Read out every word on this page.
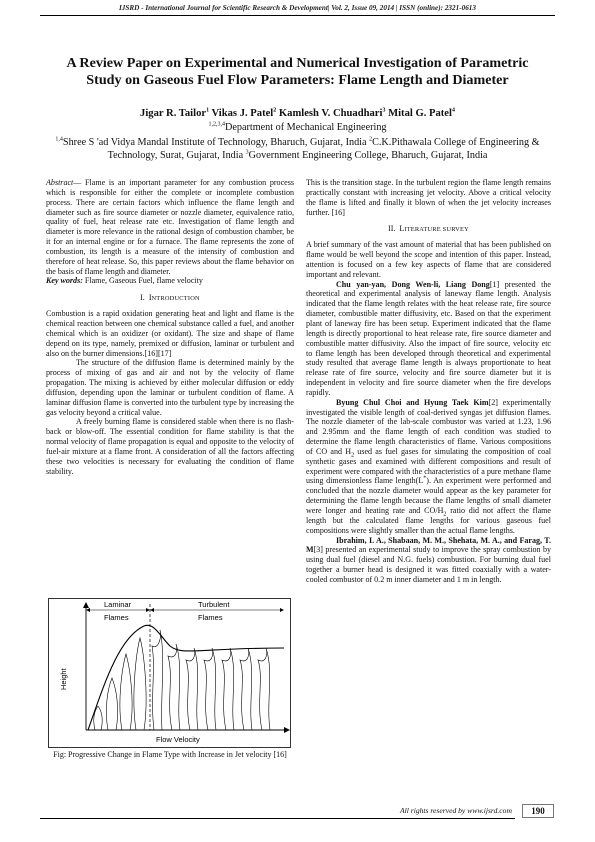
IJSRD - International Journal for Scientific Research & Development| Vol. 2, Issue 09, 2014 | ISSN (online): 2321-0613
A Review Paper on Experimental and Numerical Investigation of Parametric Study on Gaseous Fuel Flow Parameters: Flame Length and Diameter
Jigar R. Tailor$^1$ Vikas J. Patel$^2$ Kamlesh V. Chuadhari$^3$ Mital G. Patel$^4$
$^{1,2,3,4}$Department of Mechanical Engineering
$^{1,4}$Shree S 'ad Vidya Mandal Institute of Technology, Bharuch, Gujarat, India $^2$C.K.Pithawala College of Engineering & Technology, Surat, Gujarat, India $^3$Government Engineering College, Bharuch, Gujarat, India

Abstract— Flame is an important parameter for any combustion process which is responsible for either the complete or incomplete combustion process. There are certain factors which influence the flame length and diameter such as fire source diameter or nozzle diameter, equivalence ratio, quality of fuel, heat release rate etc. Investigation of flame length and diameter is more relevance in the rational design of combustion chamber, be it for an internal engine or for a furnace. The flame represents the zone of combustion, its length is a measure of the intensity of combustion and therefore of heat release. So, this paper reviews about the flame behavior on the basis of flame length and diameter.

Key words: Flame, Gaseous Fuel, flame velocity

I. INTRODUCTION

Combustion is a rapid oxidation generating heat and light and flame is the chemical reaction between one chemical substance called a fuel, and another chemical which is an oxidizer (or oxidant). The size and shape of flame depend on its type, namely, premixed or diffusion, laminar or turbulent and also on the burner dimensions.[16][17]

The structure of the diffusion flame is determined mainly by the process of mixing of gas and air and not by the velocity of flame propagation. The mixing is achieved by either molecular diffusion or eddy diffusion, depending upon the laminar or turbulent condition of flame. A laminar diffusion flame is converted into the turbulent type by increasing the gas velocity beyond a critical value.

A freely burning flame is considered stable when there is no flash-back or blow-off. The essential condition for flame stability is that the normal velocity of flame propagation is equal and opposite to the velocity of fuel-air mixture at a flame front. A consideration of all the factors affecting these two velocities is necessary for evaluating the condition of flame stability.

Laminar
Flames
Turbulent
Flames
Height
Flow Velocity
Fig: Progressive Change in Flame Type with Increase in Jet velocity [16]

This is the transition stage. In the turbulent region the flame length remains practically constant with increasing jet velocity. Above a critical velocity the flame is lifted and finally it blown of when the jet velocity increases further. [16]

II. LITERATURE SURVEY

A brief summary of the vast amount of material that has been published on flame would be well beyond the scope and intention of this paper. Instead, attention is focused on a few key aspects of flame that are considered important and relevant.

Chu yan-yan, Dong Wen-li, Liang Dong[1] presented the theoretical and experimental analysis of laneway flame length. Analysis indicated that the flame length relates with the heat release rate, fire source diameter, combustible matter diffusivity, etc. Based on that the experiment plant of laneway fire has been setup. Experiment indicated that the flame length is directly proportional to heat release rate, fire source diameter and combustible matter diffusivity. Also the impact of fire source, velocity etc to flame length has been developed through theoretical and experimental study resulted that average flame length is always proportionate to heat release rate of fire source, velocity and fire source diameter but it is independent in velocity and fire source diameter when the fire develops rapidly.

Byung Chul Choi and Hyung Taek Kim[2] experimentally investigated the visible length of coal-derived syngas jet diffusion flames. The nozzle diameter of the lab-scale combustor was varied at 1.23, 1.96 and 2.95mm and the flame length of each condition was studied to determine the flame length characteristics of flame. Various compositions of CO and $H_2$ used as fuel gases for simulating the composition of coal synthetic gases and examined with different compositions and result of experiment were compared with the characteristics of a pure methane flame using dimensionless flame length(L*). An experiment were performed and concluded that the nozzle diameter would appear as the key parameter for determining the flame length because the flame lengths of small diameter were longer and heating rate and $CO/H_2$ ratio did not affect the flame length but the calculated flame lengths for various gaseous fuel compositions were slightly smaller than the actual flame lengths.

Ibrahim, I. A., Shabaan, M. M., Shehata, M. A., and Farag, T. M[3] presented an experimental study to improve the spray combustion by using dual fuel (diesel and N.G. fuels) combustion. For burning dual fuel together a burner head is designed it was fitted coaxially with a water-cooled combustor of 0.2 m inner diameter and 1 m in length.

All rights reserved by www.ijsrd.com	190
